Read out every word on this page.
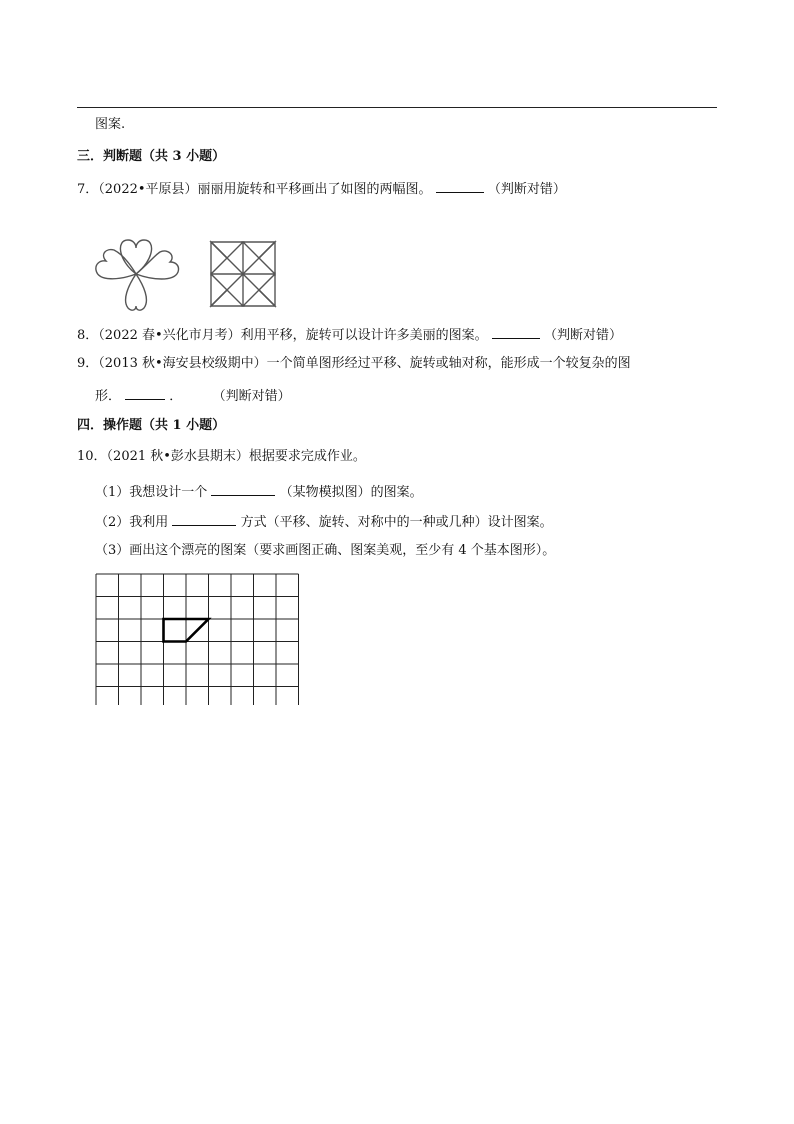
图案.
三．判断题（共 3 小题）
7．（2022•平原县）丽丽用旋转和平移画出了如图的两幅图。	（判断对错）
8．（2022 春•兴化市月考）利用平移，旋转可以设计许多美丽的图案。	（判断对错）
9．（2013 秋•海安县校级期中）一个简单图形经过平移、旋转或轴对称，能形成一个较复杂的图
形．	． （判断对错）
四．操作题（共 1 小题）
10．（2021 秋•彭水县期末）根据要求完成作业。
（1）我想设计一个	（某物模拟图）的图案。
（2）我利用	方式（平移、旋转、对称中的一种或几种）设计图案。
（3）画出这个漂亮的图案（要求画图正确、图案美观，至少有 4 个基本图形）。
